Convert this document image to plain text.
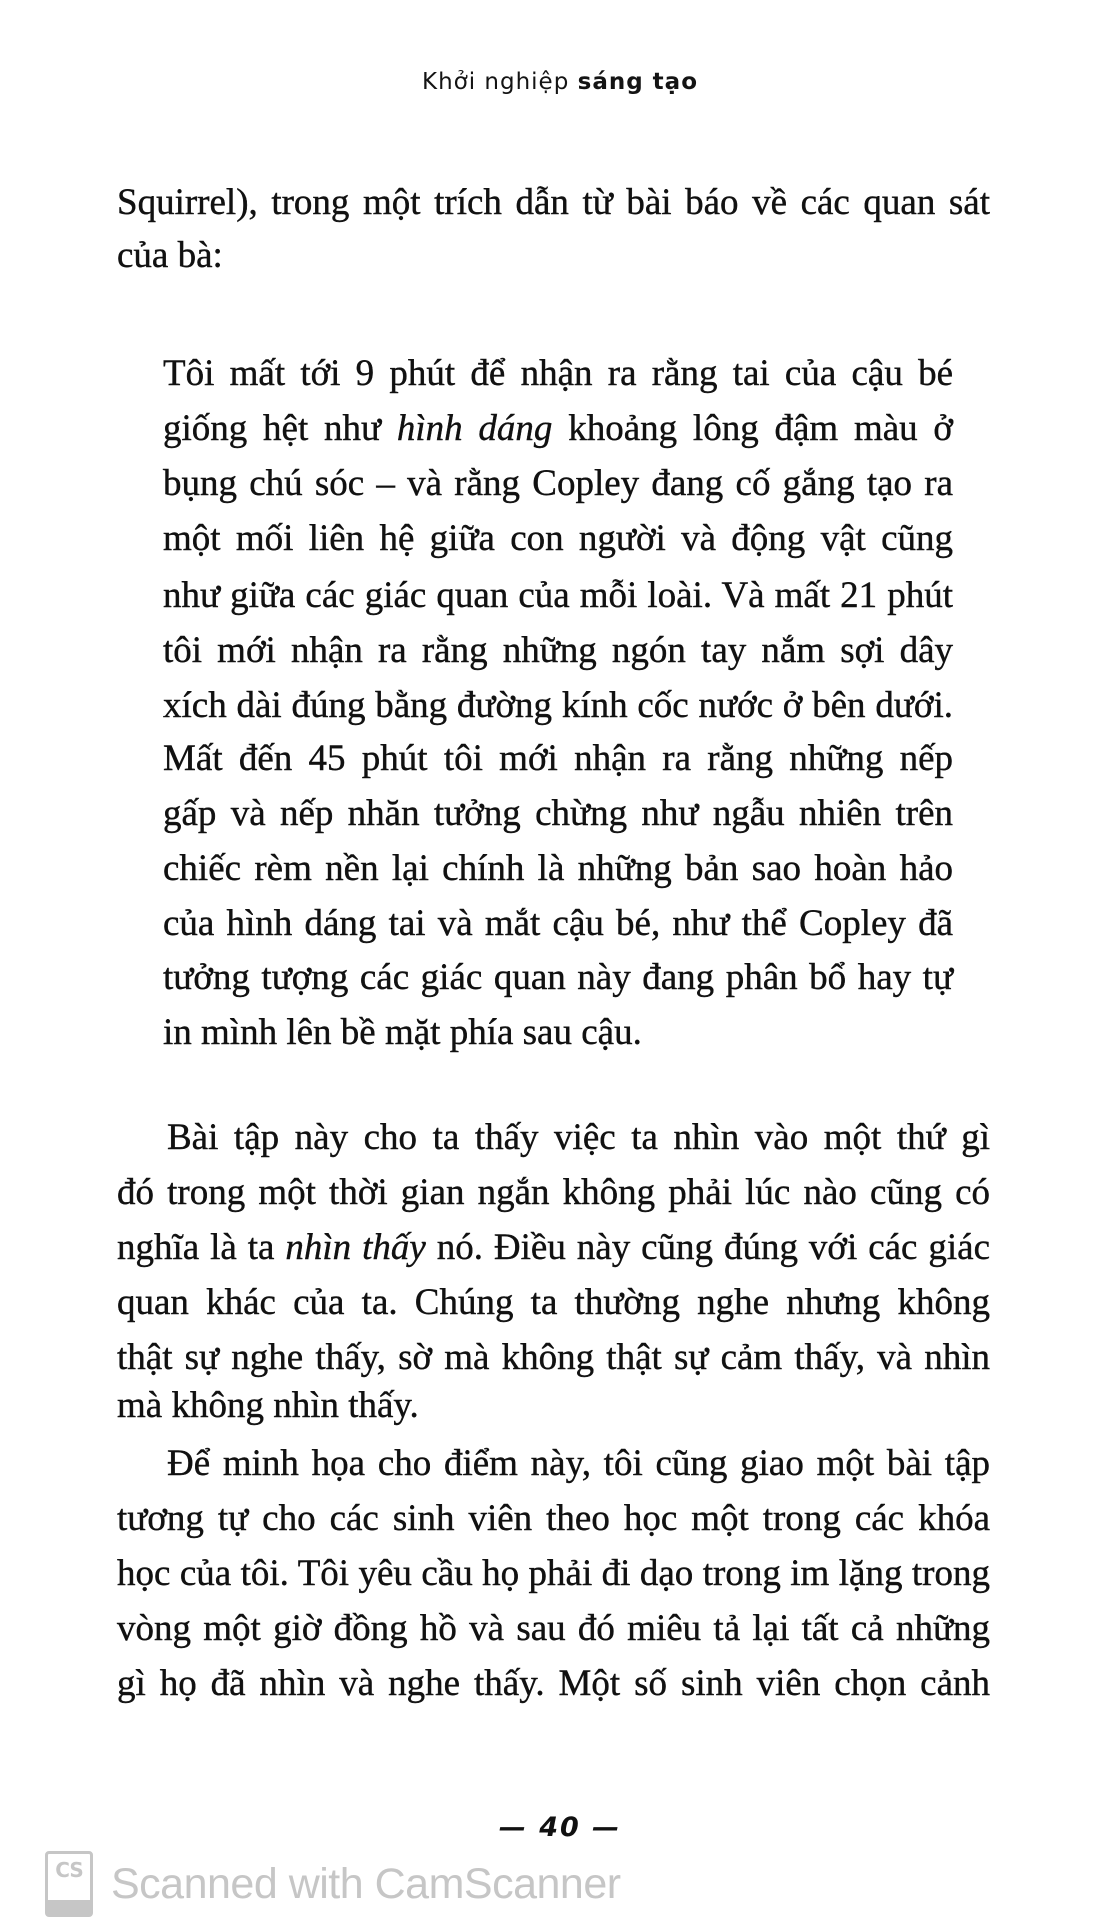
Khởi nghiệp sáng tạo
Squirrel), trong một trích dẫn từ bài báo về các quan sát
của bà:
Tôi mất tới 9 phút để nhận ra rằng tai của cậu bé
giống hệt như hình dáng khoảng lông đậm màu ở
bụng chú sóc – và rằng Copley đang cố gắng tạo ra
một mối liên hệ giữa con người và động vật cũng
như giữa các giác quan của mỗi loài. Và mất 21 phút
tôi mới nhận ra rằng những ngón tay nắm sợi dây
xích dài đúng bằng đường kính cốc nước ở bên dưới.
Mất đến 45 phút tôi mới nhận ra rằng những nếp
gấp và nếp nhăn tưởng chừng như ngẫu nhiên trên
chiếc rèm nền lại chính là những bản sao hoàn hảo
của hình dáng tai và mắt cậu bé, như thể Copley đã
tưởng tượng các giác quan này đang phân bổ hay tự
in mình lên bề mặt phía sau cậu.
Bài tập này cho ta thấy việc ta nhìn vào một thứ gì
đó trong một thời gian ngắn không phải lúc nào cũng có
nghĩa là ta nhìn thấy nó. Điều này cũng đúng với các giác
quan khác của ta. Chúng ta thường nghe nhưng không
thật sự nghe thấy, sờ mà không thật sự cảm thấy, và nhìn
mà không nhìn thấy.
Để minh họa cho điểm này, tôi cũng giao một bài tập
tương tự cho các sinh viên theo học một trong các khóa
học của tôi. Tôi yêu cầu họ phải đi dạo trong im lặng trong
vòng một giờ đồng hồ và sau đó miêu tả lại tất cả những
gì họ đã nhìn và nghe thấy. Một số sinh viên chọn cảnh
— 40 —
CS Scanned with CamScanner
